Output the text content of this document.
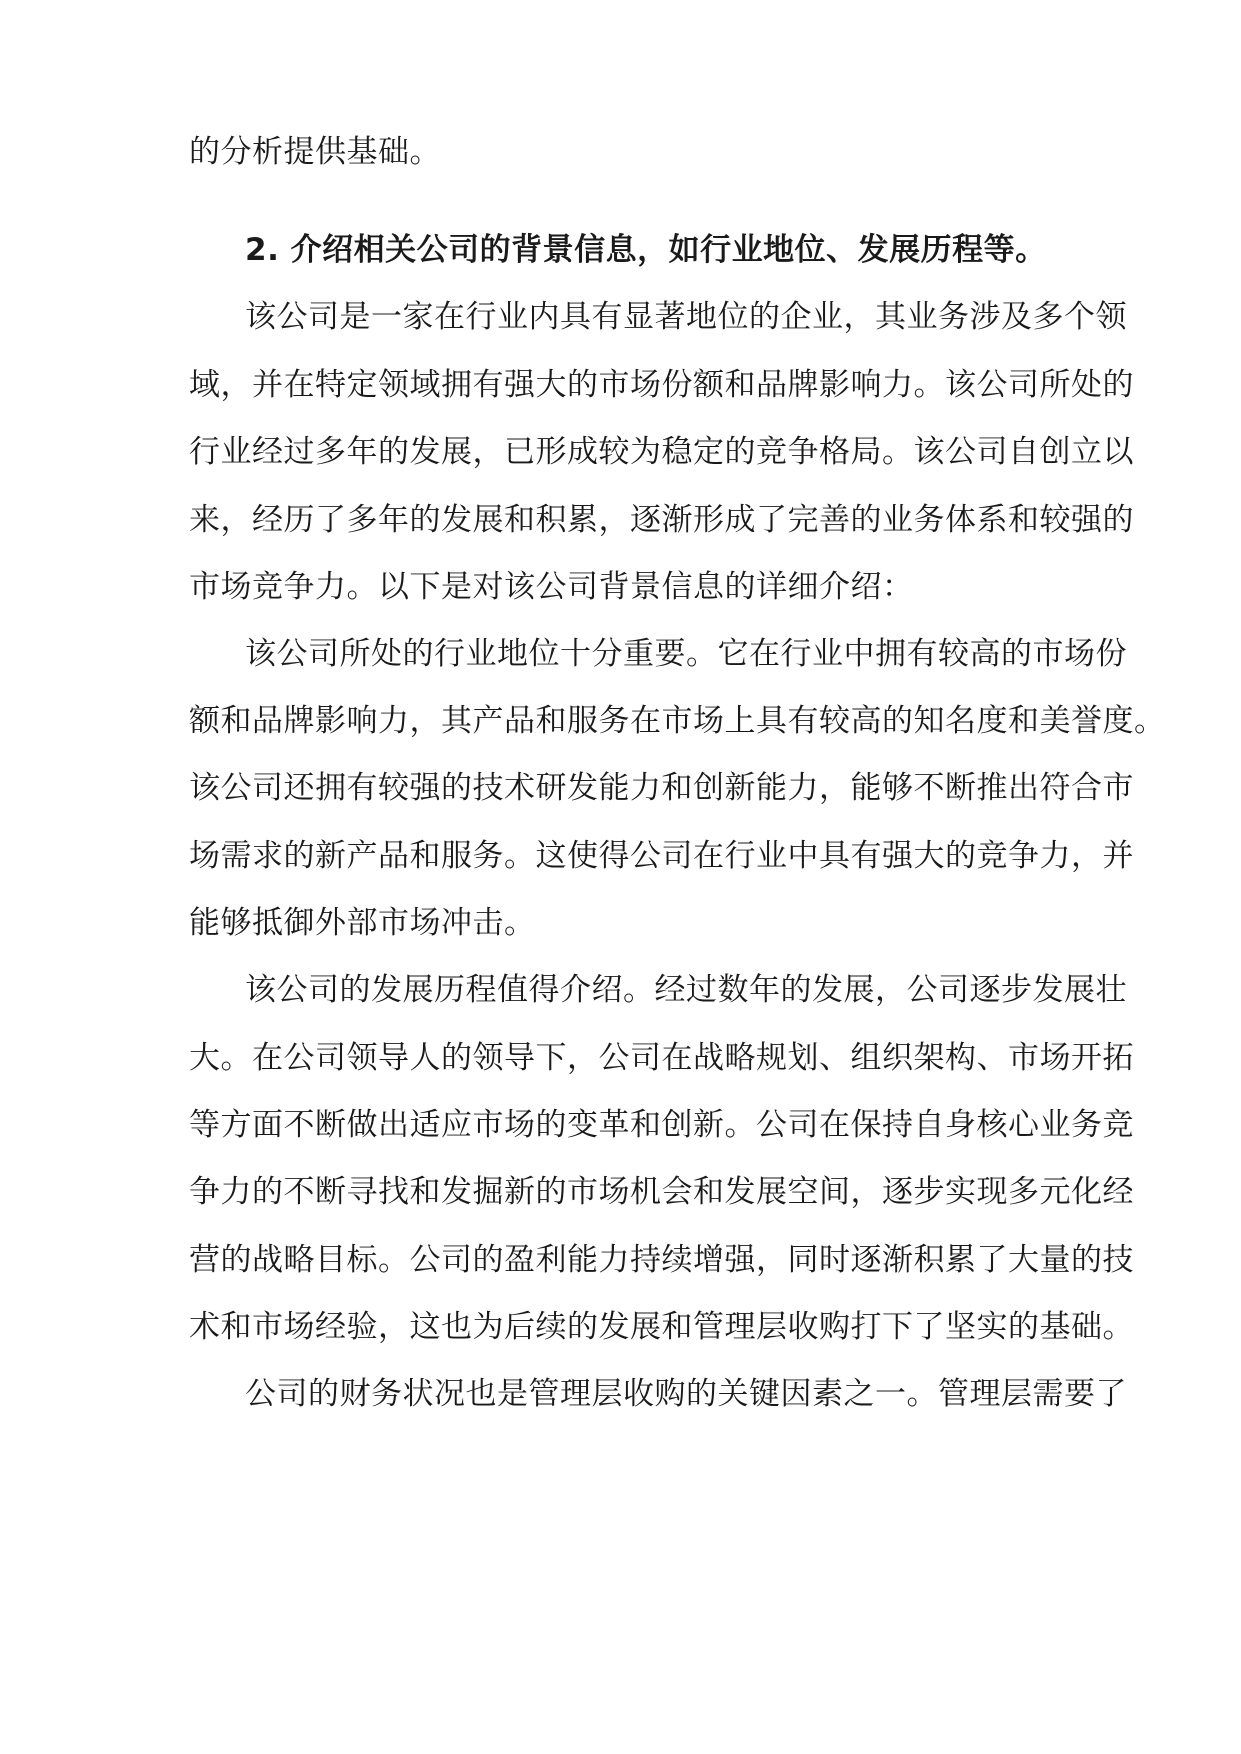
的分析提供基础。
2. 介绍相关公司的背景信息，如行业地位、发展历程等。
该公司是一家在行业内具有显著地位的企业，其业务涉及多个领
域，并在特定领域拥有强大的市场份额和品牌影响力。该公司所处的
行业经过多年的发展，已形成较为稳定的竞争格局。该公司自创立以
来，经历了多年的发展和积累，逐渐形成了完善的业务体系和较强的
市场竞争力。以下是对该公司背景信息的详细介绍：
该公司所处的行业地位十分重要。它在行业中拥有较高的市场份
额和品牌影响力，其产品和服务在市场上具有较高的知名度和美誉度。
该公司还拥有较强的技术研发能力和创新能力，能够不断推出符合市
场需求的新产品和服务。这使得公司在行业中具有强大的竞争力，并
能够抵御外部市场冲击。
该公司的发展历程值得介绍。经过数年的发展，公司逐步发展壮
大。在公司领导人的领导下，公司在战略规划、组织架构、市场开拓
等方面不断做出适应市场的变革和创新。公司在保持自身核心业务竞
争力的不断寻找和发掘新的市场机会和发展空间，逐步实现多元化经
营的战略目标。公司的盈利能力持续增强，同时逐渐积累了大量的技
术和市场经验，这也为后续的发展和管理层收购打下了坚实的基础。
公司的财务状况也是管理层收购的关键因素之一。管理层需要了
